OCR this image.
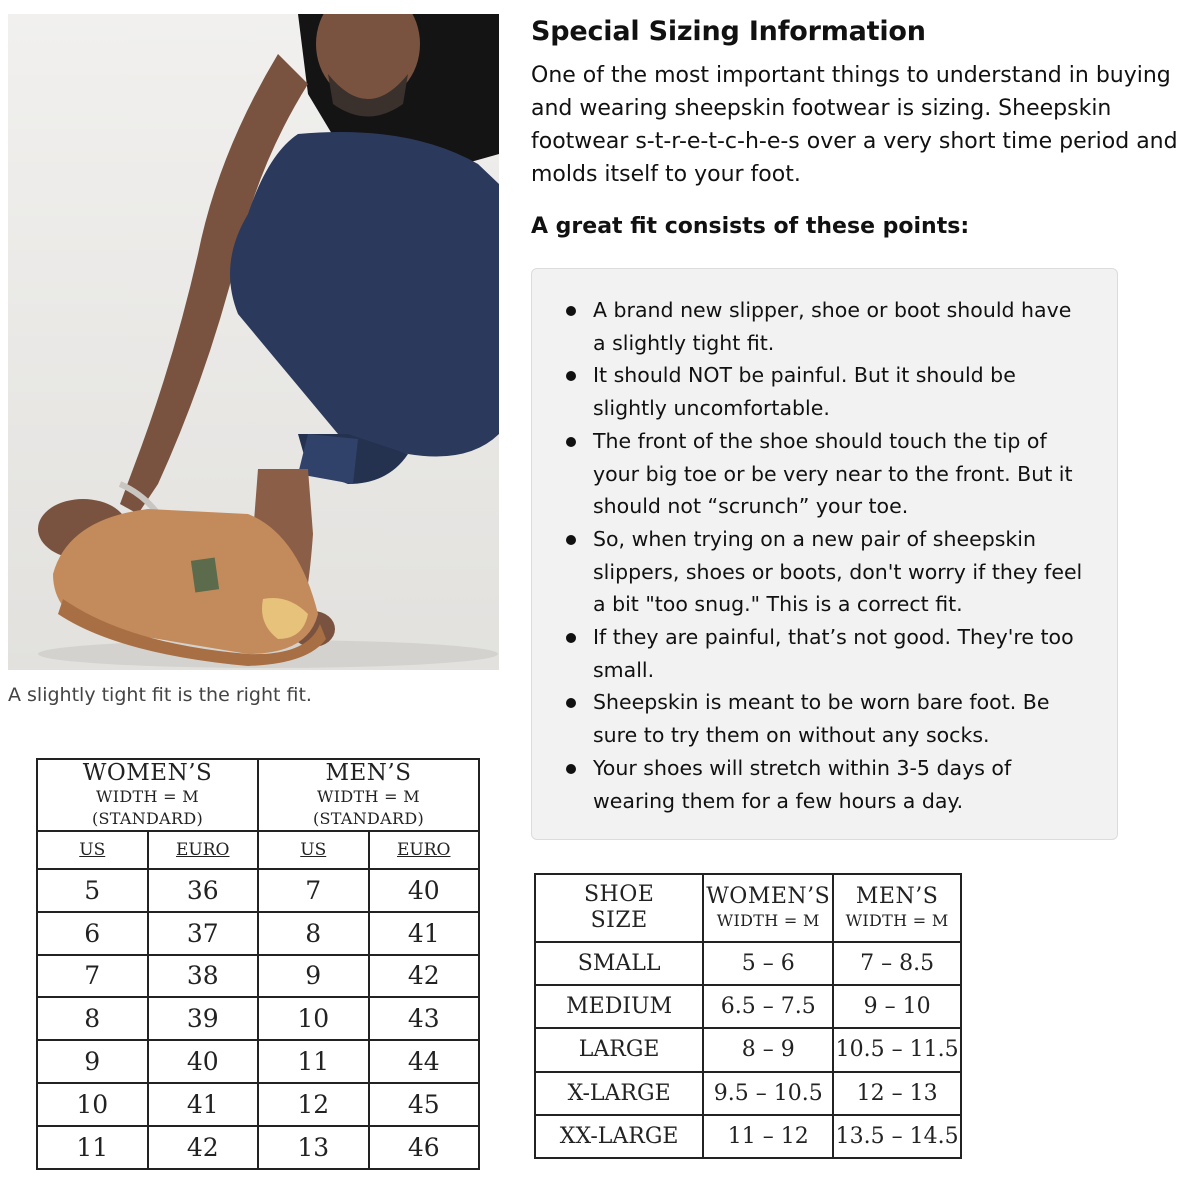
A slightly tight fit is the right fit.
Special Sizing Information

One of the most important things to understand in buying and wearing sheepskin footwear is sizing. Sheepskin footwear s-t-r-e-t-c-h-e-s over a very short time period and molds itself to your foot.

A great fit consists of these points:
A brand new slipper, shoe or boot should have a slightly tight fit.
It should NOT be painful. But it should be slightly uncomfortable.
The front of the shoe should touch the tip of your big toe or be very near to the front. But it should not “scrunch” your toe.
So, when trying on a new pair of sheepskin slippers, shoes or boots, don't worry if they feel a bit "too snug." This is a correct fit.
If they are painful, that’s not good. They're too small.
Sheepskin is meant to be worn bare foot. Be sure to try them on without any socks.
Your shoes will stretch within 3-5 days of wearing them for a few hours a day.
WOMEN’S
WIDTH = M (STANDARD)		MEN’S
WIDTH = M (STANDARD)	

US	EURO	US	EURO
5	36	7	40
6	37	8	41
7	38	9	42
8	39	10	43
9	40	11	44
10	41	12	45
11	42	13	46
SHOE
SIZE	WOMEN’S
WIDTH = M	MEN’S
WIDTH = M

SMALL	5 – 6	7 – 8.5
MEDIUM	6.5 – 7.5	9 – 10
LARGE	8 – 9	10.5 – 11.5
X-LARGE	9.5 – 10.5	12 – 13
XX-LARGE	11 – 12	13.5 – 14.5
